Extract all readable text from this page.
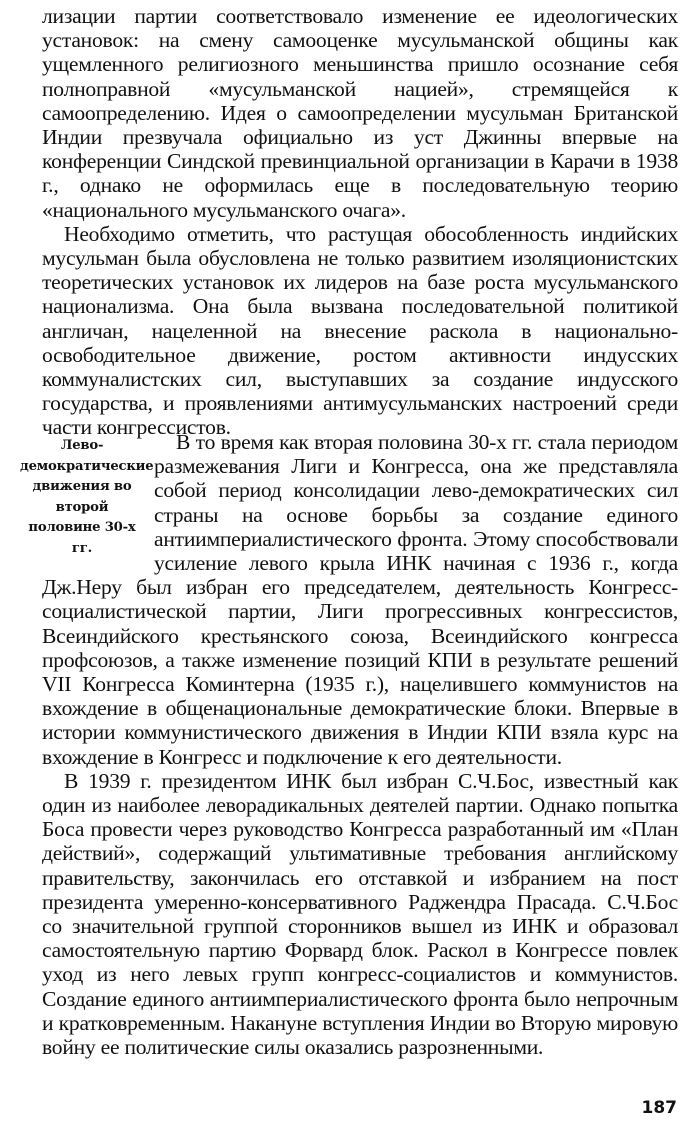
лизации партии соответствовало изменение ее идеологических установок: на смену самооценке мусульманской общины как ущемленного религиозного меньшинства пришло осознание себя полноправной «мусульманской нацией», стремящейся к самоопределению. Идея о самоопределении мусульман Британской Индии презвучала официально из уст Джинны впервые на конференции Синдской превинциальной организации в Карачи в 1938 г., однако не оформилась еще в последовательную теорию «национального мусульманского очага».

Необходимо отметить, что растущая обособленность индийских мусульман была обусловлена не только развитием изоляционистских теоретических установок их лидеров на базе роста мусульманского национализма. Она была вызвана последовательной политикой англичан, нацеленной на внесение раскола в национально-освободительное движение, ростом активности индусских коммуналистских сил, выступавших за создание индусского государства, и проявлениями антимусульманских настроений среди части конгрессистов.

Лево-демократические движения во второй половине 30-х гг.

В то время как вторая половина 30-х гг. стала периодом размежевания Лиги и Конгресса, она же представляла собой период консолидации лево-демократических сил страны на основе борьбы за создание единого антиимпериалистического фронта. Этому способствовали усиление левого крыла ИНК начиная с 1936 г., когда Дж.Неру был избран его председателем, деятельность Конгресс-социалистической партии, Лиги прогрессивных конгрессистов, Всеиндийского крестьянского союза, Всеиндийского конгресса профсоюзов, а также изменение позиций КПИ в результате решений VII Конгресса Коминтерна (1935 г.), нацелившего коммунистов на вхождение в общенациональные демократические блоки. Впервые в истории коммунистического движения в Индии КПИ взяла курс на вхождение в Конгресс и подключение к его деятельности.

В 1939 г. президентом ИНК был избран С.Ч.Бос, известный как один из наиболее леворадикальных деятелей партии. Однако попытка Боса провести через руководство Конгресса разработанный им «План действий», содержащий ультимативные требования английскому правительству, закончилась его отставкой и избранием на пост президента умеренно-консервативного Раджендра Прасада. С.Ч.Бос со значительной группой сторонников вышел из ИНК и образовал самостоятельную партию Форвард блок. Раскол в Конгрессе повлек уход из него левых групп конгресс-социалистов и коммунистов. Создание единого антиимпериалистического фронта было непрочным и кратковременным. Накануне вступления Индии во Вторую мировую войну ее политические силы оказались разрозненными.

187
